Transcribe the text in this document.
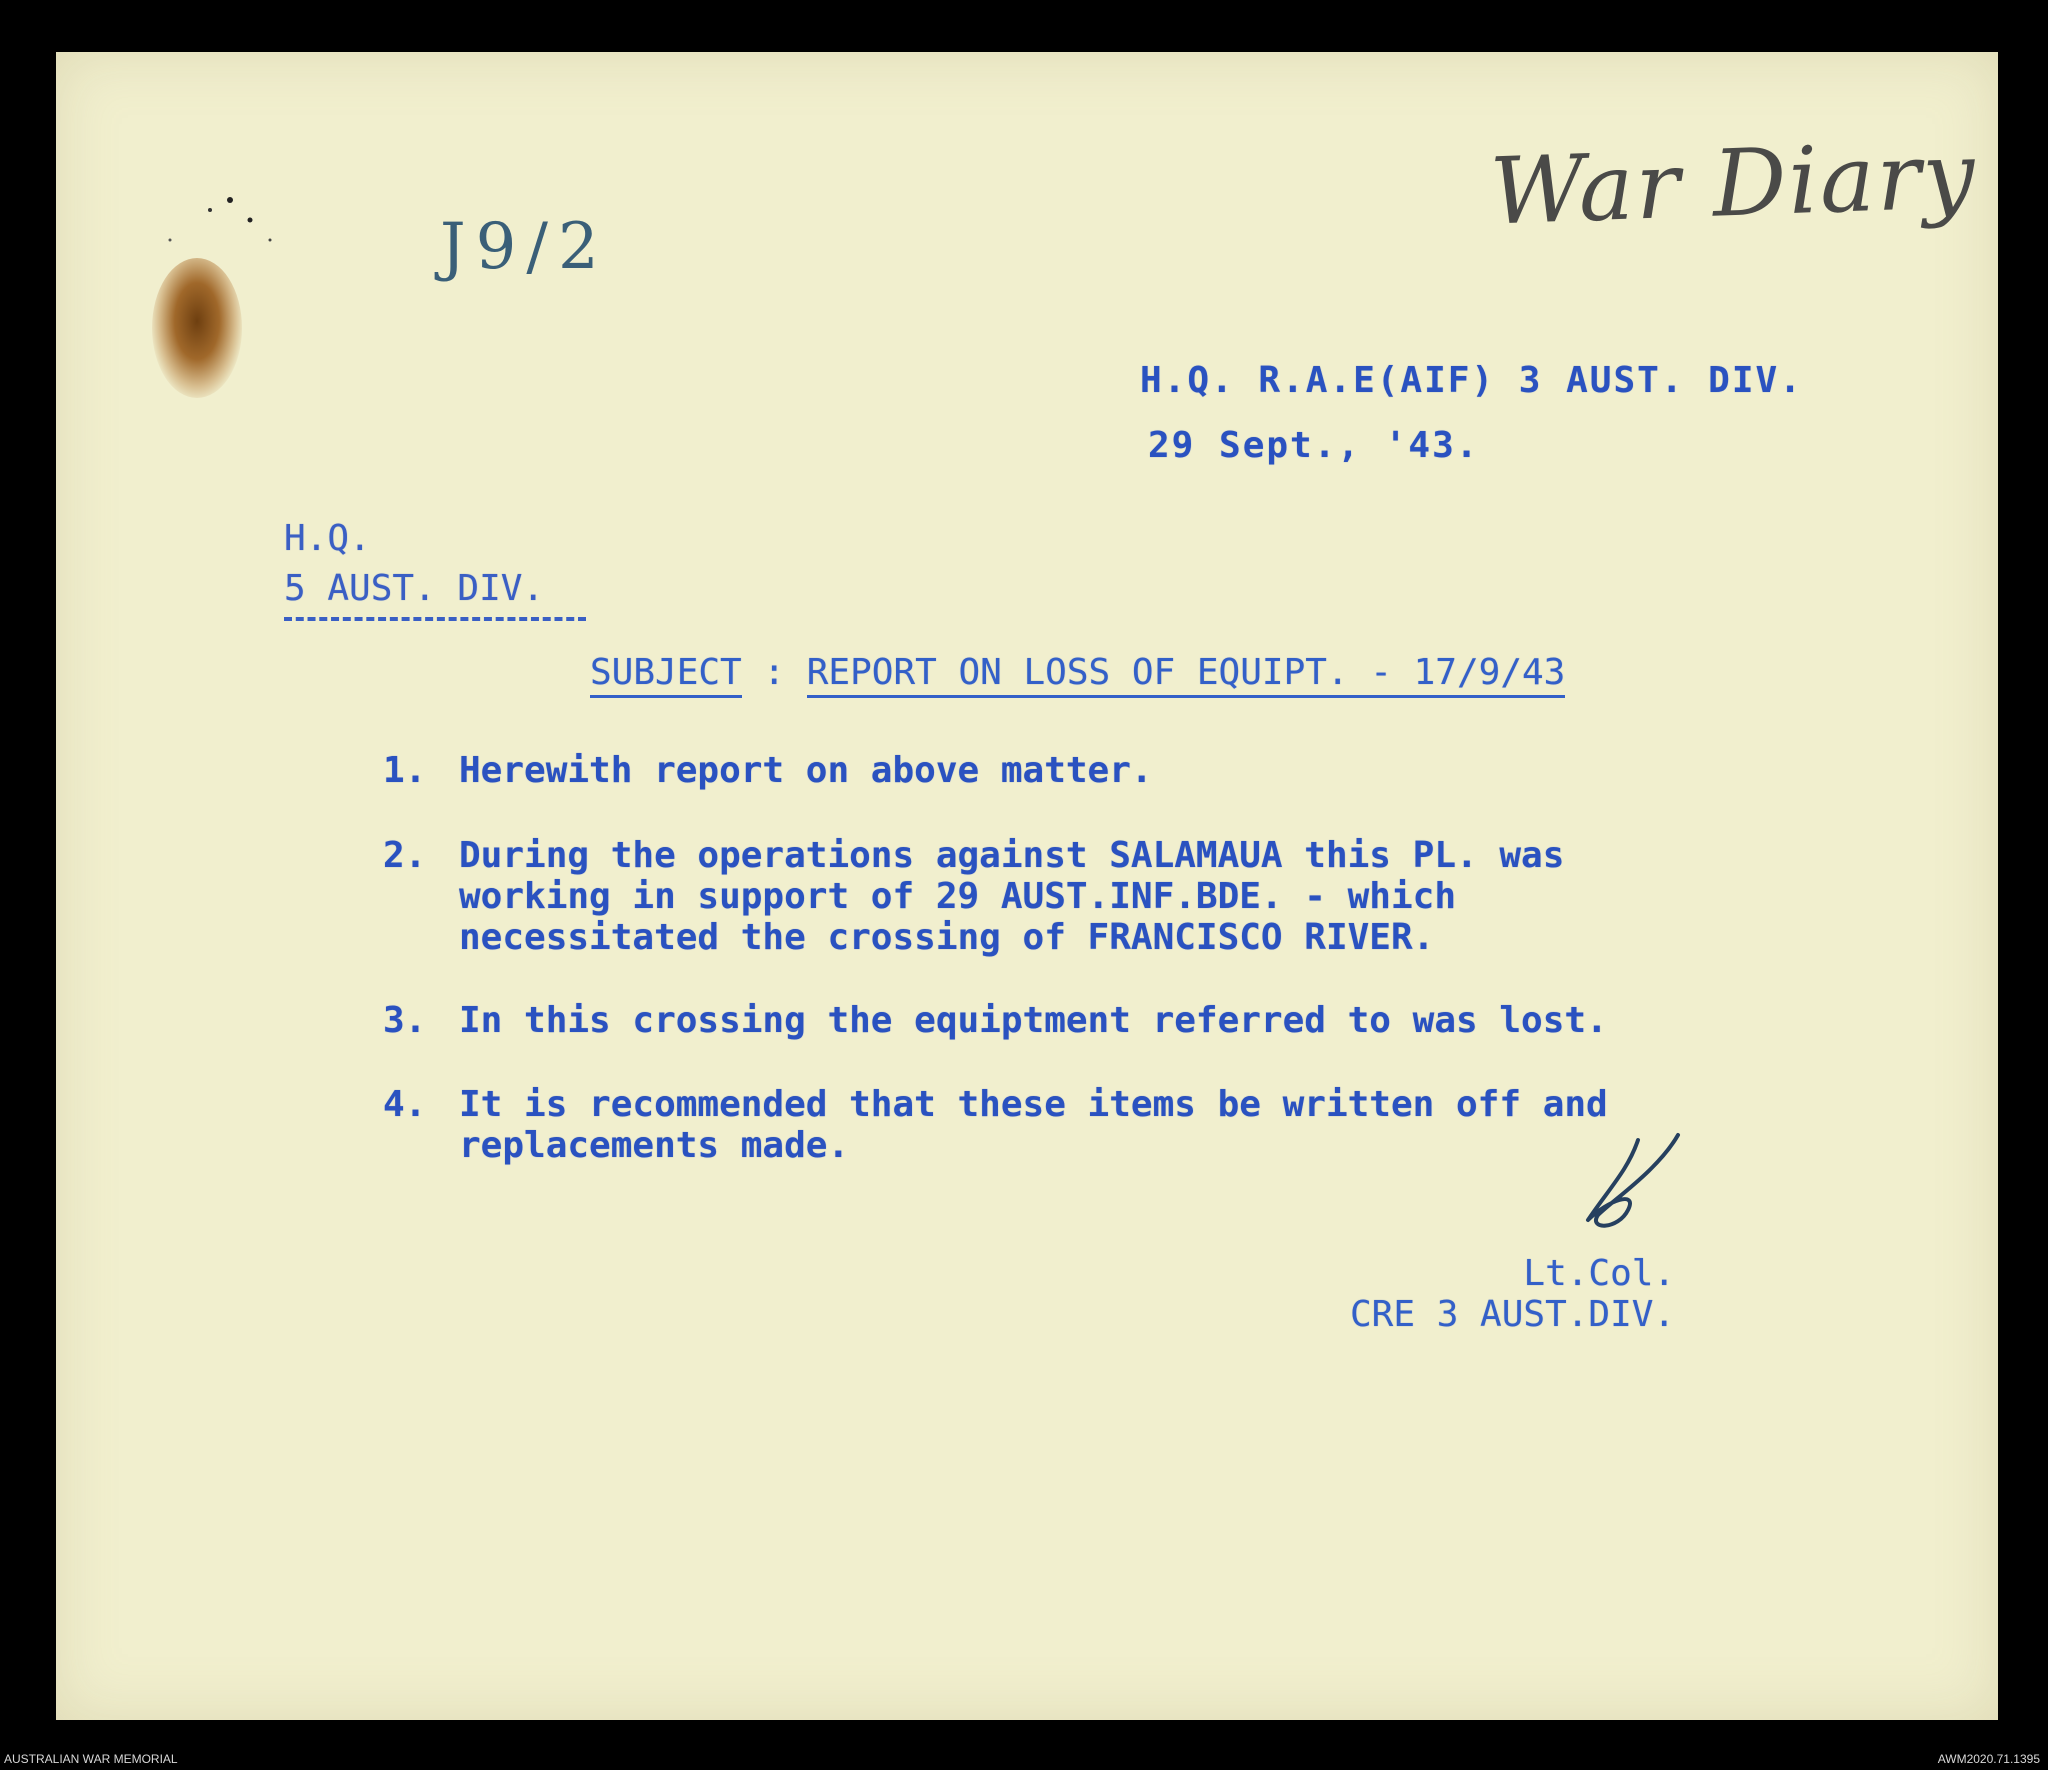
J9/2
War Diary
H.Q. R.A.E(AIF) 3 AUST. DIV.
29 Sept., '43.
H.Q.
5 AUST. DIV.
SUBJECT : REPORT ON LOSS OF EQUIPT. - 17/9/43
1. Herewith report on above matter.
2. During the operations against SALAMAUA this PL. was
working in support of 29 AUST.INF.BDE. - which
necessitated the crossing of FRANCISCO RIVER.
3. In this crossing the equiptment referred to was lost.
4. It is recommended that these items be written off and
replacements made.
Lt.Col.
CRE 3 AUST.DIV.
AUSTRALIAN WAR MEMORIAL	AWM2020.71.1395
